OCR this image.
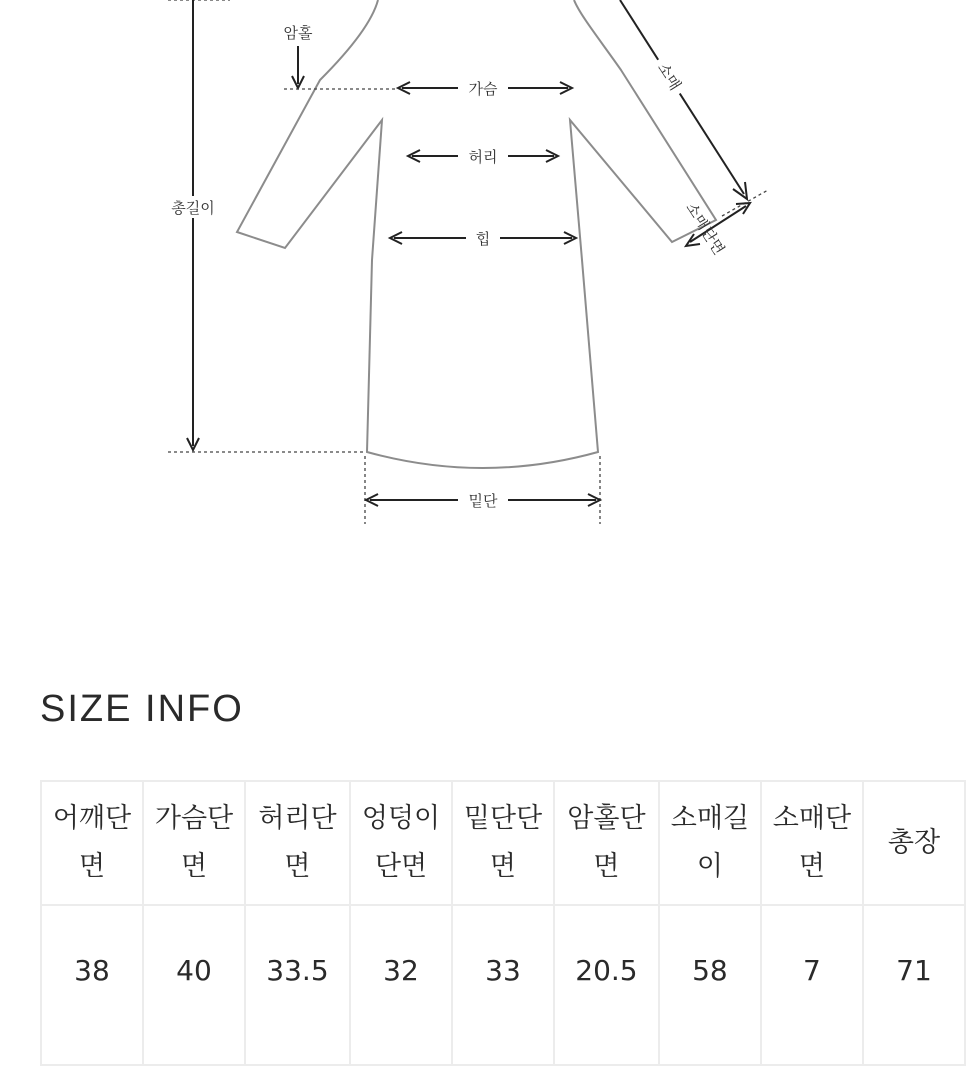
총길이
암홀
가슴
허리
힙
밑단
소매
소매단면
SIZE INFO
어깨단면	가슴단면	허리단면	엉덩이단면	밑단단면	암홀단면	소매길이	소매단면	총장
38	40	33.5	32	33	20.5	58	7	71
